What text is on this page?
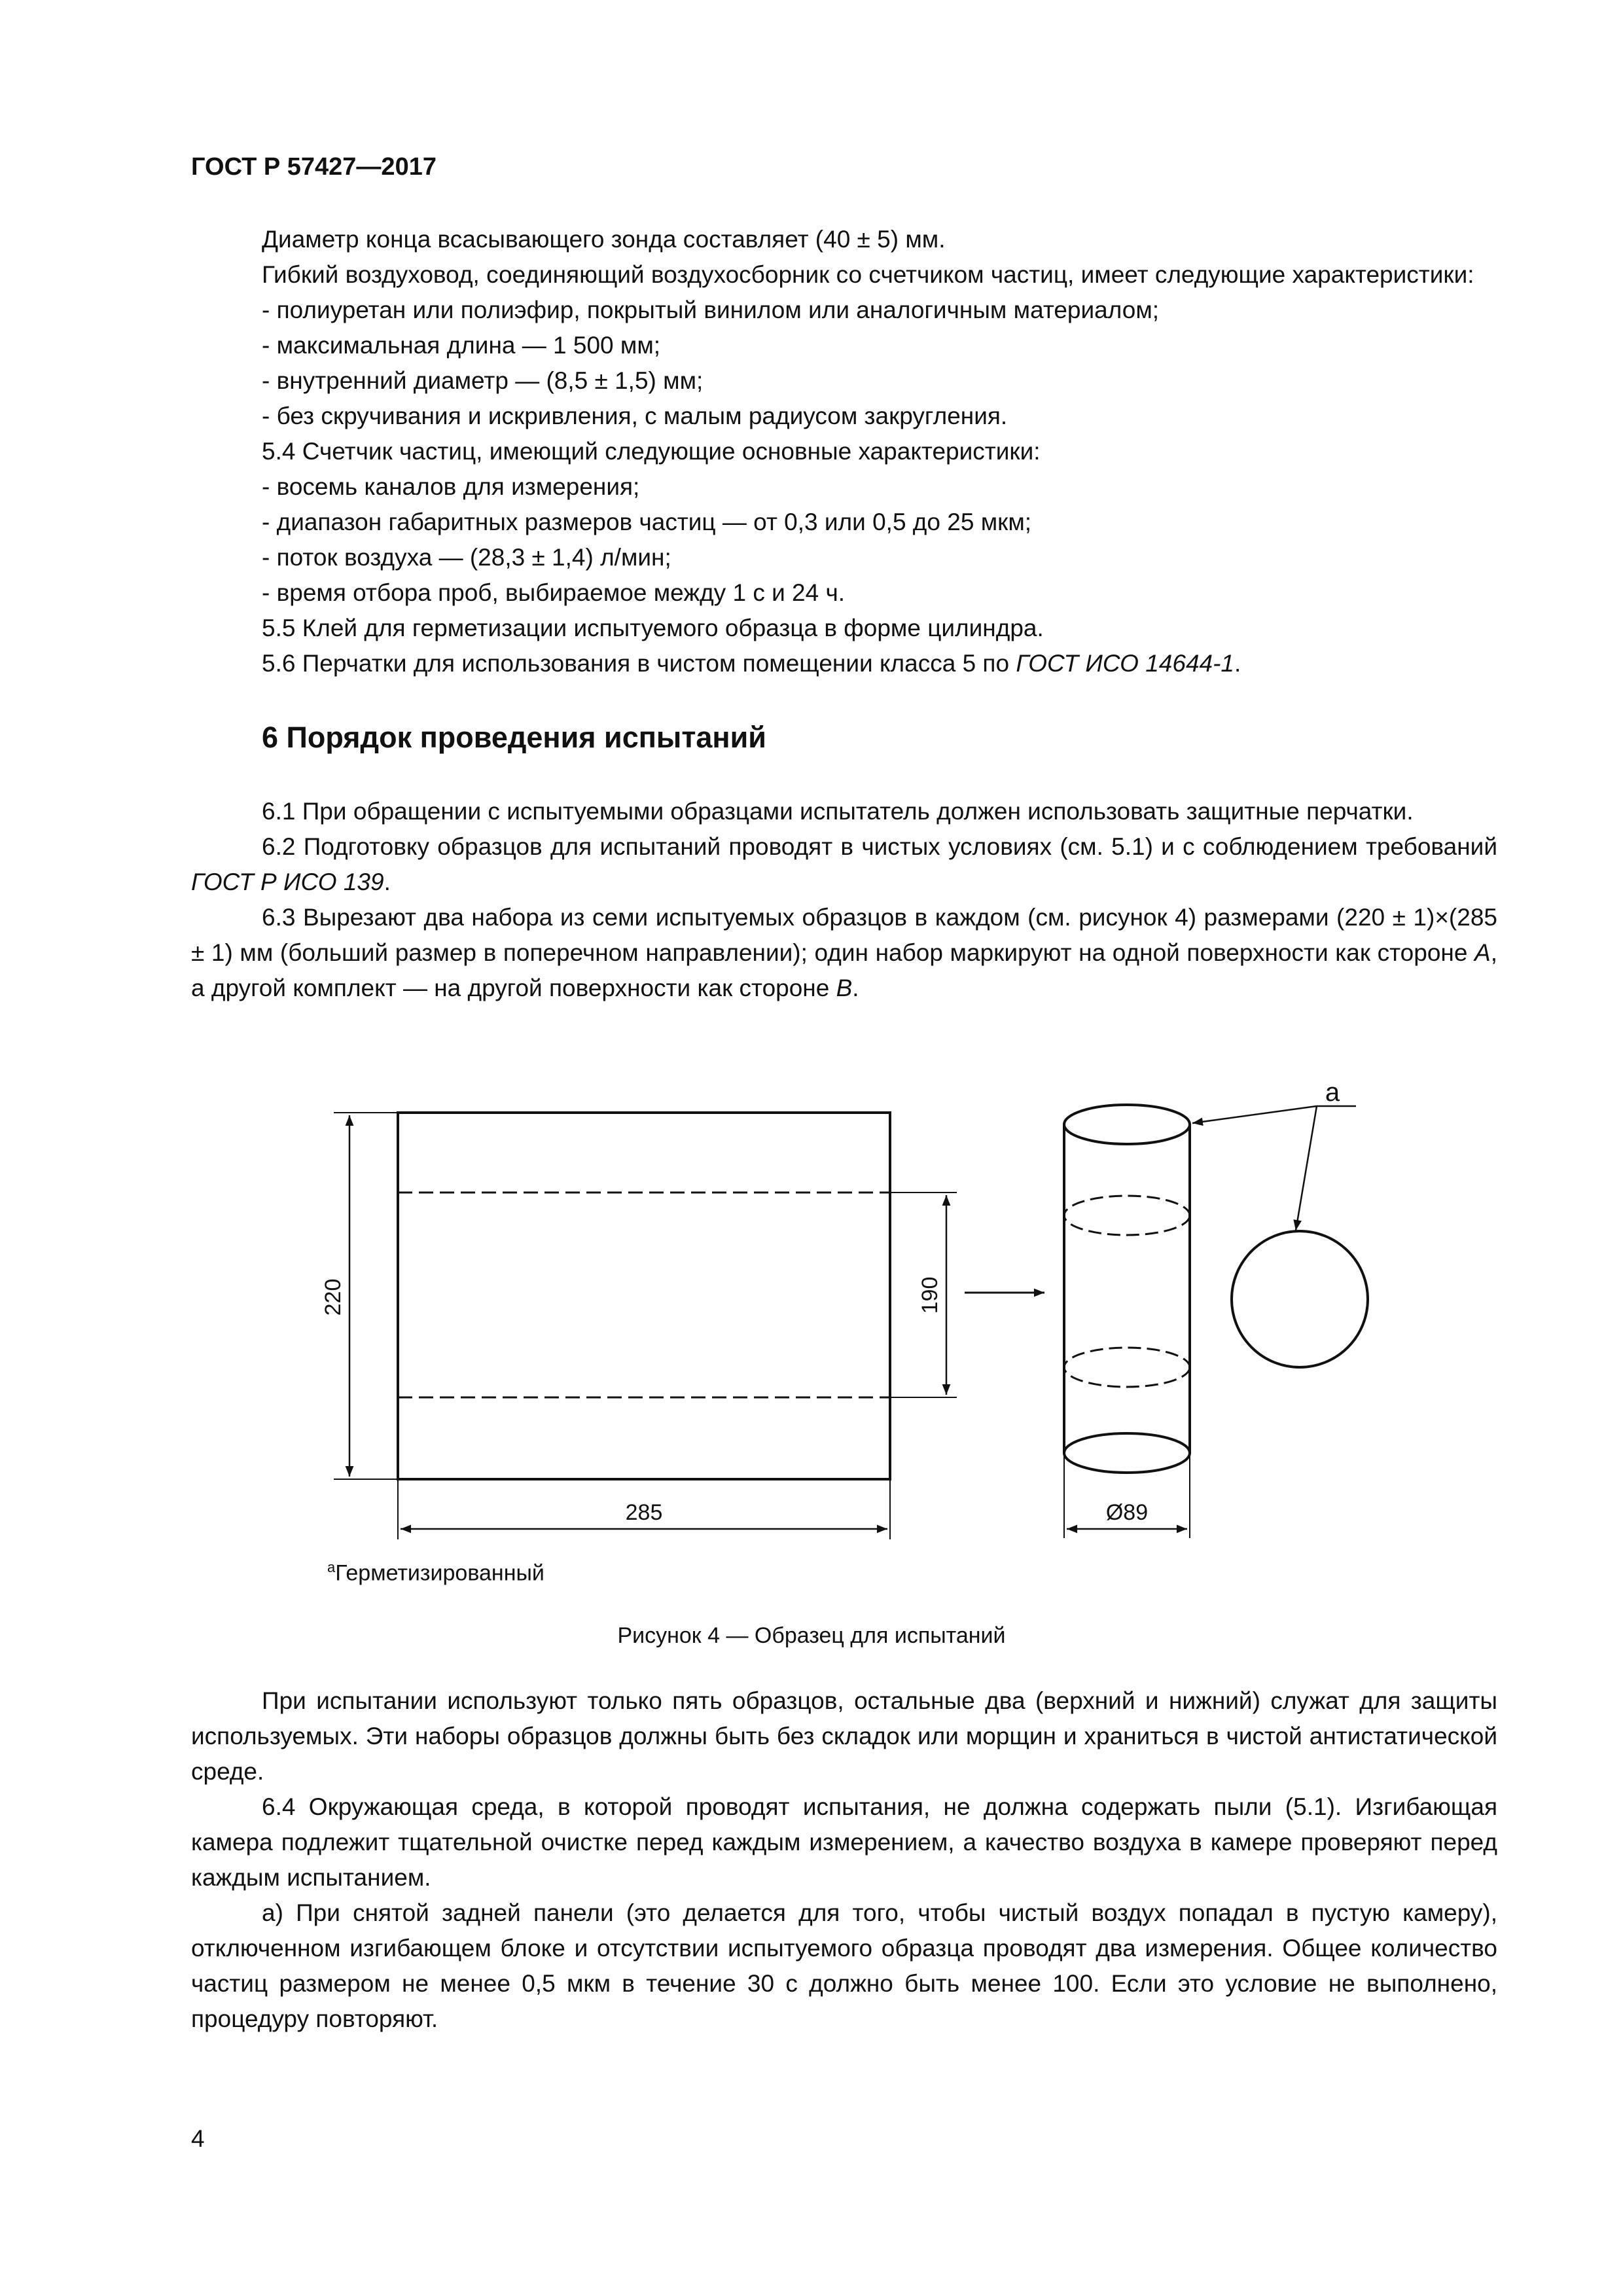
ГОСТ Р 57427—2017

Диаметр конца всасывающего зонда составляет (40 ± 5) мм.

Гибкий воздуховод, соединяющий воздухосборник со счетчиком частиц, имеет следующие характеристики:

- полиуретан или полиэфир, покрытый винилом или аналогичным материалом;

- максимальная длина — 1 500 мм;

- внутренний диаметр — (8,5 ± 1,5) мм;

- без скручивания и искривления, с малым радиусом закругления.

5.4 Счетчик частиц, имеющий следующие основные характеристики:

- восемь каналов для измерения;

- диапазон габаритных размеров частиц — от 0,3 или 0,5 до 25 мкм;

- поток воздуха — (28,3 ± 1,4) л/мин;

- время отбора проб, выбираемое между 1 с и 24 ч.

5.5 Клей для герметизации испытуемого образца в форме цилиндра.

5.6 Перчатки для использования в чистом помещении класса 5 по ГОСТ ИСО 14644-1.

6 Порядок проведения испытаний

6.1 При обращении с испытуемыми образцами испытатель должен использовать защитные перчатки.

6.2 Подготовку образцов для испытаний проводят в чистых условиях (см. 5.1) и с соблюдением требований ГОСТ Р ИСО 139.

6.3 Вырезают два набора из семи испытуемых образцов в каждом (см. рисунок 4) размерами (220 ± 1)×(285 ± 1) мм (больший размер в поперечном направлении); один набор маркируют на одной поверхности как стороне А, а другой комплект — на другой поверхности как стороне В.

220	190
285	Ø89
a
$^a$Герметизированный
Рисунок 4 — Образец для испытаний

При испытании используют только пять образцов, остальные два (верхний и нижний) служат для защиты используемых. Эти наборы образцов должны быть без складок или морщин и храниться в чистой антистатической среде.

6.4 Окружающая среда, в которой проводят испытания, не должна содержать пыли (5.1). Изгибающая камера подлежит тщательной очистке перед каждым измерением, а качество воздуха в камере проверяют перед каждым испытанием.

а) При снятой задней панели (это делается для того, чтобы чистый воздух попадал в пустую камеру), отключенном изгибающем блоке и отсутствии испытуемого образца проводят два измерения. Общее количество частиц размером не менее 0,5 мкм в течение 30 с должно быть менее 100. Если это условие не выполнено, процедуру повторяют.

4
